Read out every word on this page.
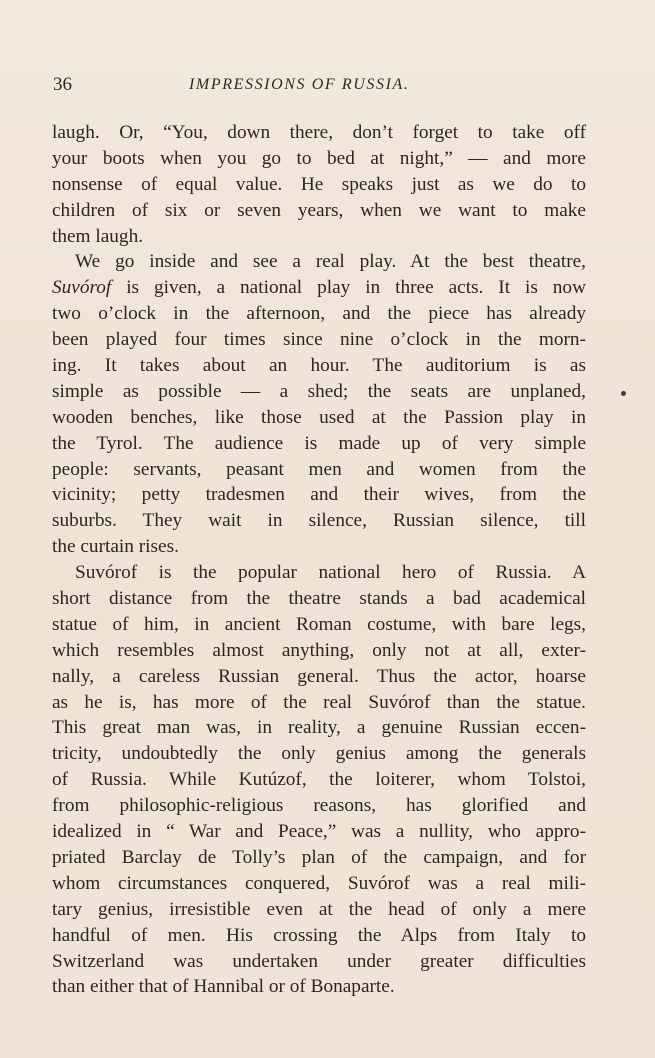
36	IMPRESSIONS OF RUSSIA.
laugh. Or, “You, down there, don’t forget to take off
your boots when you go to bed at night,” — and more
nonsense of equal value. He speaks just as we do to
children of six or seven years, when we want to make
them laugh.
We go inside and see a real play. At the best theatre,
Suvórof is given, a national play in three acts. It is now
two o’clock in the afternoon, and the piece has already
been played four times since nine o’clock in the morn-
ing. It takes about an hour. The auditorium is as
simple as possible — a shed; the seats are unplaned,
wooden benches, like those used at the Passion play in
the Tyrol. The audience is made up of very simple
people: servants, peasant men and women from the
vicinity; petty tradesmen and their wives, from the
suburbs. They wait in silence, Russian silence, till
the curtain rises.
Suvórof is the popular national hero of Russia. A
short distance from the theatre stands a bad academical
statue of him, in ancient Roman costume, with bare legs,
which resembles almost anything, only not at all, exter-
nally, a careless Russian general. Thus the actor, hoarse
as he is, has more of the real Suvórof than the statue.
This great man was, in reality, a genuine Russian eccen-
tricity, undoubtedly the only genius among the generals
of Russia. While Kutúzof, the loiterer, whom Tolstoi,
from philosophic-religious reasons, has glorified and
idealized in “ War and Peace,” was a nullity, who appro-
priated Barclay de Tolly’s plan of the campaign, and for
whom circumstances conquered, Suvórof was a real mili-
tary genius, irresistible even at the head of only a mere
handful of men. His crossing the Alps from Italy to
Switzerland was undertaken under greater difficulties
than either that of Hannibal or of Bonaparte.
